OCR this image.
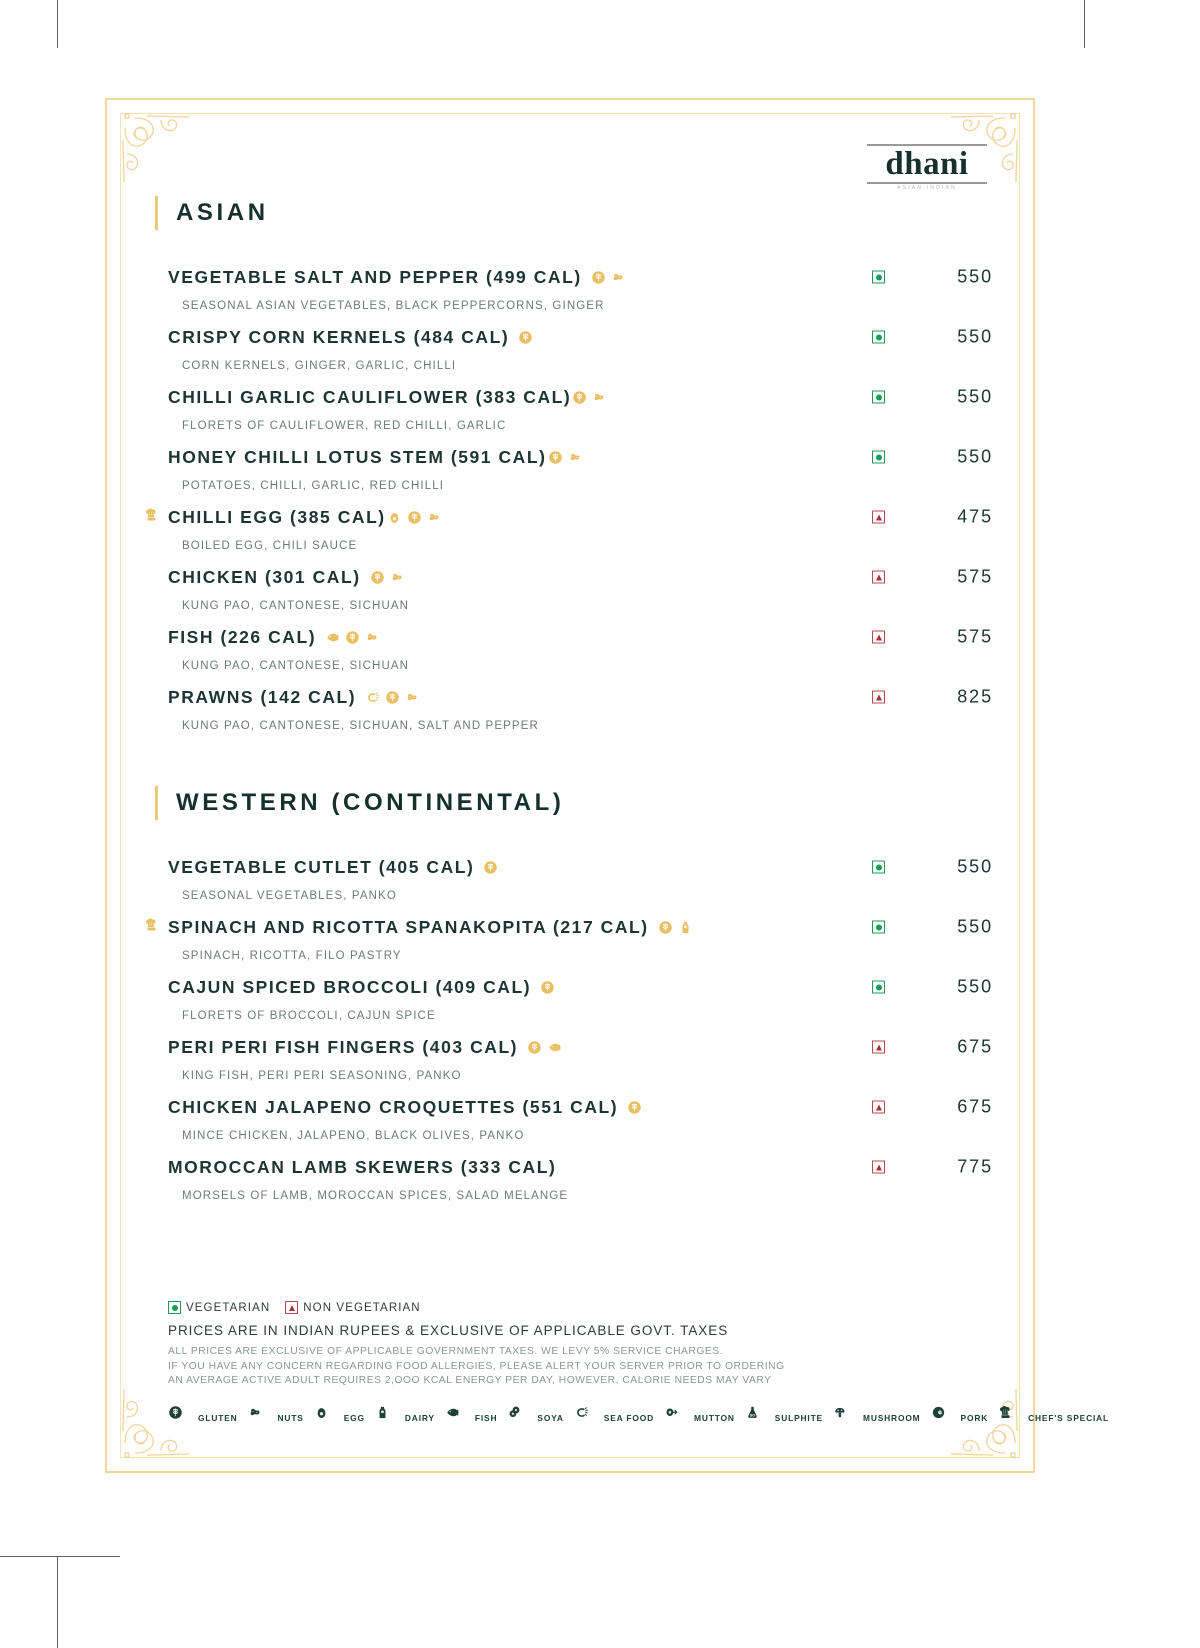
dhani
ASIAN INDIAN
ASIAN
VEGETABLE SALT AND PEPPER (499 CAL)	550
SEASONAL ASIAN VEGETABLES, BLACK PEPPERCORNS, GINGER
CRISPY CORN KERNELS (484 CAL)	550
CORN KERNELS, GINGER, GARLIC, CHILLI
CHILLI GARLIC CAULIFLOWER (383 CAL)	550
FLORETS OF CAULIFLOWER, RED CHILLI, GARLIC
HONEY CHILLI LOTUS STEM (591 CAL)	550
POTATOES, CHILLI, GARLIC, RED CHILLI
CHILLI EGG (385 CAL)	475
BOILED EGG, CHILI SAUCE
CHICKEN (301 CAL)	575
KUNG PAO, CANTONESE, SICHUAN
FISH (226 CAL)	575
KUNG PAO, CANTONESE, SICHUAN
PRAWNS (142 CAL)	825
KUNG PAO, CANTONESE, SICHUAN, SALT AND PEPPER
WESTERN (CONTINENTAL)
VEGETABLE CUTLET (405 CAL)	550
SEASONAL VEGETABLES, PANKO
SPINACH AND RICOTTA SPANAKOPITA (217 CAL)	550
SPINACH, RICOTTA, FILO PASTRY
CAJUN SPICED BROCCOLI (409 CAL)	550
FLORETS OF BROCCOLI, CAJUN SPICE
PERI PERI FISH FINGERS (403 CAL)	675
KING FISH, PERI PERI SEASONING, PANKO
CHICKEN JALAPENO CROQUETTES (551 CAL)	675
MINCE CHICKEN, JALAPENO, BLACK OLIVES, PANKO
MOROCCAN LAMB SKEWERS (333 CAL)	775
MORSELS OF LAMB, MOROCCAN SPICES, SALAD MELANGE
VEGETARIAN	NON VEGETARIAN
PRICES ARE IN INDIAN RUPEES & EXCLUSIVE OF APPLICABLE GOVT. TAXES
ALL PRICES ARE EXCLUSIVE OF APPLICABLE GOVERNMENT TAXES. WE LEVY 5% SERVICE CHARGES.
IF YOU HAVE ANY CONCERN REGARDING FOOD ALLERGIES, PLEASE ALERT YOUR SERVER PRIOR TO ORDERING
AN AVERAGE ACTIVE ADULT REQUIRES 2,OOO KCAL ENERGY PER DAY, HOWEVER, CALORIE NEEDS MAY VARY
GLUTEN	NUTS	EGG	DAIRY	FISH	SOYA	SEA FOOD	MUTTON SO SULPHITE	MUSHROOM	PORK	CHEF'S SPECIAL
